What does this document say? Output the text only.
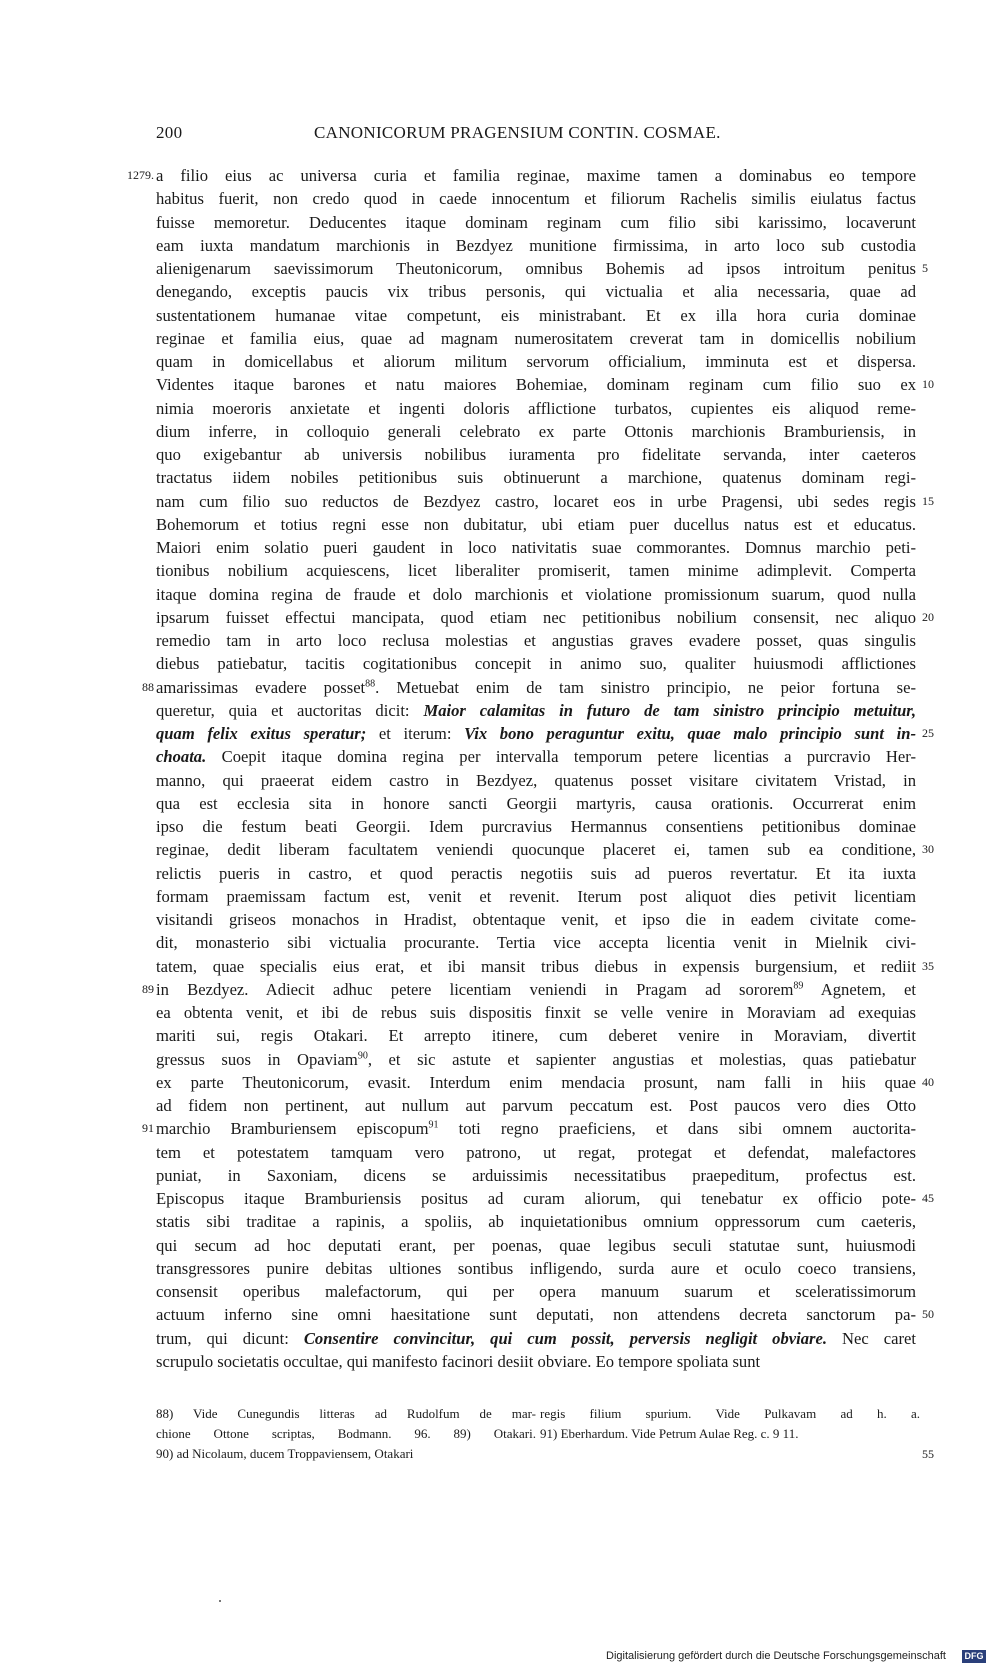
200	CANONICORUM PRAGENSIUM CONTIN. COSMAE.
1279. a filio eius ac universa curia et familia reginae, maxime tamen a dominabus eo tempore
habitus fuerit, non credo quod in caede innocentum et filiorum Rachelis similis eiulatus factus
fuisse memoretur. Deducentes itaque dominam reginam cum filio sibi karissimo, locaverunt
eam iuxta mandatum marchionis in Bezdyez munitione firmissima, in arto loco sub custodia
alienigenarum saevissimorum Theutonicorum, omnibus Bohemis ad ipsos introitum penitus
denegando, exceptis paucis vix tribus personis, qui victualia et alia necessaria, quae ad
sustentationem humanae vitae competunt, eis ministrabant. Et ex illa hora curia dominae
reginae et familia eius, quae ad magnam numerositatem creverat tam in domicellis nobilium
quam in domicellabus et aliorum militum servorum officialium, imminuta est et dispersa.
Videntes itaque barones et natu maiores Bohemiae, dominam reginam cum filio suo ex
nimia moeroris anxietate et ingenti doloris afflictione turbatos, cupientes eis aliquod reme-
dium inferre, in colloquio generali celebrato ex parte Ottonis marchionis Bramburiensis, in
quo exigebantur ab universis nobilibus iuramenta pro fidelitate servanda, inter caeteros
tractatus iidem nobiles petitionibus suis obtinuerunt a marchione, quatenus dominam regi-
nam cum filio suo reductos de Bezdyez castro, locaret eos in urbe Pragensi, ubi sedes regis
Bohemorum et totius regni esse non dubitatur, ubi etiam puer ducellus natus est et educatus.
Maiori enim solatio pueri gaudent in loco nativitatis suae commorantes. Domnus marchio peti-
tionibus nobilium acquiescens, licet liberaliter promiserit, tamen minime adimplevit. Comperta
itaque domina regina de fraude et dolo marchionis et violatione promissionum suarum, quod nulla
ipsarum fuisset effectui mancipata, quod etiam nec petitionibus nobilium consensit, nec aliquo
remedio tam in arto loco reclusa molestias et angustias graves evadere posset, quas singulis
diebus patiebatur, tacitis cogitationibus concepit in animo suo, qualiter huiusmodi afflictiones
amarissimas evadere posset$^{88}$. Metuebat enim de tam sinistro principio, ne peior fortuna se-
queretur, quia et auctoritas dicit: Maior calamitas in futuro de tam sinistro principio metuitur,
quam felix exitus speratur; et iterum: Vix bono peraguntur exitu, quae malo principio sunt in-
choata. Coepit itaque domina regina per intervalla temporum petere licentias a purcravio Her-
manno, qui praeerat eidem castro in Bezdyez, quatenus posset visitare civitatem Vristad, in
qua est ecclesia sita in honore sancti Georgii martyris, causa orationis. Occurrerat enim
ipso die festum beati Georgii. Idem purcravius Hermannus consentiens petitionibus dominae
reginae, dedit liberam facultatem veniendi quocunque placeret ei, tamen sub ea conditione,
relictis pueris in castro, et quod peractis negotiis suis ad pueros revertatur. Et ita iuxta
formam praemissam factum est, venit et revenit. Iterum post aliquot dies petivit licentiam
visitandi griseos monachos in Hradist, obtentaque venit, et ipso die in eadem civitate come-
dit, monasterio sibi victualia procurante. Tertia vice accepta licentia venit in Mielnik civi-
tatem, quae specialis eius erat, et ibi mansit tribus diebus in expensis burgensium, et rediit
in Bezdyez. Adiecit adhuc petere licentiam veniendi in Pragam ad sororem$^{89}$ Agnetem, et
ea obtenta venit, et ibi de rebus suis dispositis finxit se velle venire in Moraviam ad exequias
mariti sui, regis Otakari. Et arrepto itinere, cum deberet venire in Moraviam, divertit
gressus suos in Opaviam$^{90}$, et sic astute et sapienter angustias et molestias, quas patiebatur
ex parte Theutonicorum, evasit. Interdum enim mendacia prosunt, nam falli in hiis quae
ad fidem non pertinent, aut nullum aut parvum peccatum est. Post paucos vero dies Otto
marchio Bramburiensem episcopum$^{91}$ toti regno praeficiens, et dans sibi omnem auctorita-
tem et potestatem tamquam vero patrono, ut regat, protegat et defendat, malefactores
puniat, in Saxoniam, dicens se arduissimis necessitatibus praepeditum, profectus est.
Episcopus itaque Bramburiensis positus ad curam aliorum, qui tenebatur ex officio pote-
statis sibi traditae a rapinis, a spoliis, ab inquietationibus omnium oppressorum cum caeteris,
qui secum ad hoc deputati erant, per poenas, quae legibus seculi statutae sunt, huiusmodi
transgressores punire debitas ultiones sontibus infligendo, surda aure et oculo coeco transiens,
consensit operibus malefactorum, qui per opera manuum suarum et sceleratissimorum
actuum inferno sine omni haesitatione sunt deputati, non attendens decreta sanctorum pa-
trum, qui dicunt: Consentire convincitur, qui cum possit, perversis negligit obviare. Nec caret
scrupulo societatis occultae, qui manifesto facinori desiit obviare. Eo tempore spoliata sunt
88
89
91
5
10
15
20
25
30
35
40
45
50
88) Vide Cunegundis litteras ad Rudolfum de mar-
chione Ottone scriptas, Bodmann. 96. 89) Otakari.
90) ad Nicolaum, ducem Troppaviensem, Otakari
regis filium spurium. Vide Pulkavam ad h. a.
91) Eberhardum. Vide Petrum Aulae Reg. c. 9 11.
55
Digitalisierung gefördert durch die Deutsche Forschungsgemeinschaft DFG
